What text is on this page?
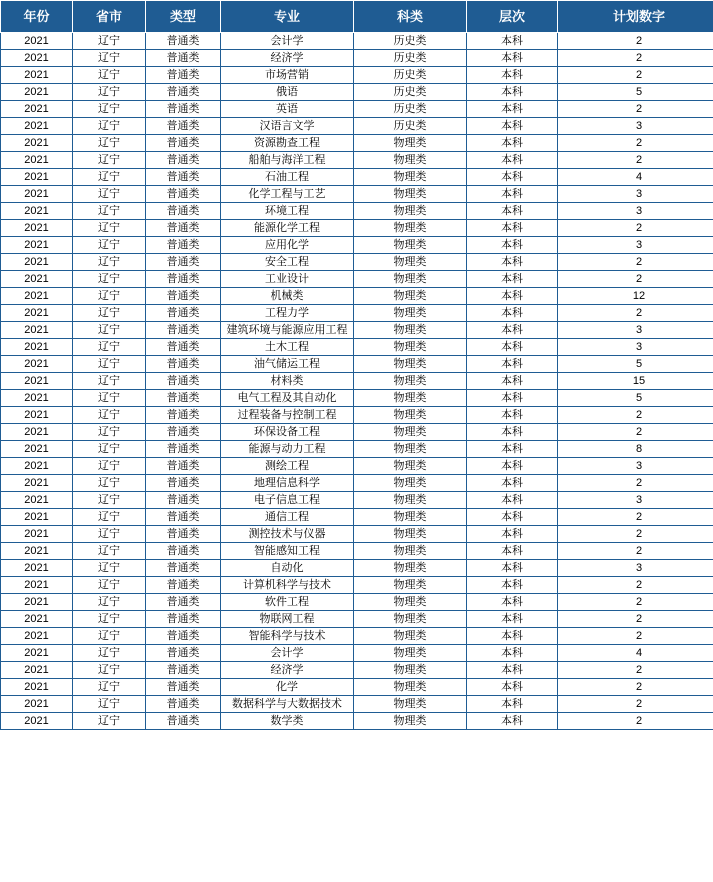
年份	省市	类型	专业	科类	层次	计划数字
2021	辽宁	普通类	会计学	历史类	本科	2
2021	辽宁	普通类	经济学	历史类	本科	2
2021	辽宁	普通类	市场营销	历史类	本科	2
2021	辽宁	普通类	俄语	历史类	本科	5
2021	辽宁	普通类	英语	历史类	本科	2
2021	辽宁	普通类	汉语言文学	历史类	本科	3
2021	辽宁	普通类	资源勘查工程	物理类	本科	2
2021	辽宁	普通类	船舶与海洋工程	物理类	本科	2
2021	辽宁	普通类	石油工程	物理类	本科	4
2021	辽宁	普通类	化学工程与工艺	物理类	本科	3
2021	辽宁	普通类	环境工程	物理类	本科	3
2021	辽宁	普通类	能源化学工程	物理类	本科	2
2021	辽宁	普通类	应用化学	物理类	本科	3
2021	辽宁	普通类	安全工程	物理类	本科	2
2021	辽宁	普通类	工业设计	物理类	本科	2
2021	辽宁	普通类	机械类	物理类	本科	12
2021	辽宁	普通类	工程力学	物理类	本科	2
2021	辽宁	普通类	建筑环境与能源应用工程	物理类	本科	3
2021	辽宁	普通类	土木工程	物理类	本科	3
2021	辽宁	普通类	油气储运工程	物理类	本科	5
2021	辽宁	普通类	材料类	物理类	本科	15
2021	辽宁	普通类	电气工程及其自动化	物理类	本科	5
2021	辽宁	普通类	过程装备与控制工程	物理类	本科	2
2021	辽宁	普通类	环保设备工程	物理类	本科	2
2021	辽宁	普通类	能源与动力工程	物理类	本科	8
2021	辽宁	普通类	测绘工程	物理类	本科	3
2021	辽宁	普通类	地理信息科学	物理类	本科	2
2021	辽宁	普通类	电子信息工程	物理类	本科	3
2021	辽宁	普通类	通信工程	物理类	本科	2
2021	辽宁	普通类	测控技术与仪器	物理类	本科	2
2021	辽宁	普通类	智能感知工程	物理类	本科	2
2021	辽宁	普通类	自动化	物理类	本科	3
2021	辽宁	普通类	计算机科学与技术	物理类	本科	2
2021	辽宁	普通类	软件工程	物理类	本科	2
2021	辽宁	普通类	物联网工程	物理类	本科	2
2021	辽宁	普通类	智能科学与技术	物理类	本科	2
2021	辽宁	普通类	会计学	物理类	本科	4
2021	辽宁	普通类	经济学	物理类	本科	2
2021	辽宁	普通类	化学	物理类	本科	2
2021	辽宁	普通类	数据科学与大数据技术	物理类	本科	2
2021	辽宁	普通类	数学类	物理类	本科	2
